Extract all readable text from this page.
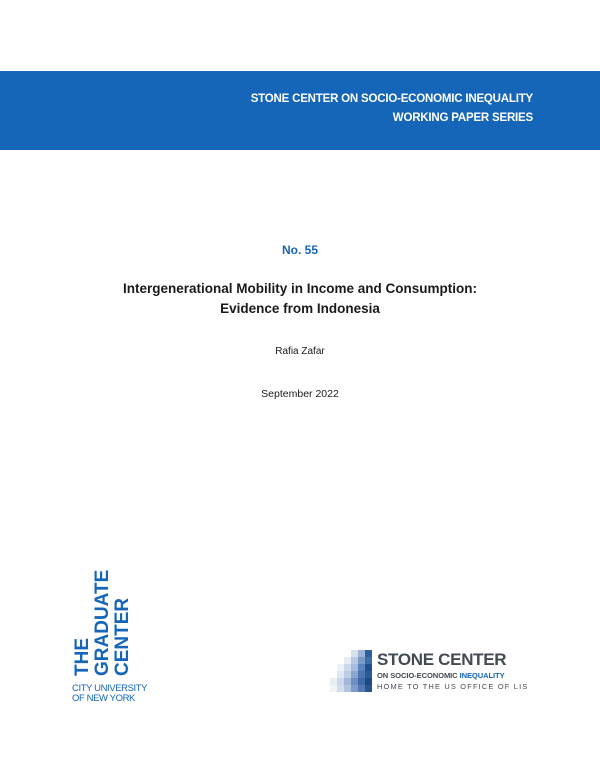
STONE CENTER ON SOCIO-ECONOMIC INEQUALITY
WORKING PAPER SERIES
No. 55
Intergenerational Mobility in Income and Consumption:
Evidence from Indonesia
Rafia Zafar
September 2022
THE GRADUATE CENTER
CITY UNIVERSITY
OF NEW YORK
STONE CENTER
ON SOCIO-ECONOMIC INEQUALITY
HOME TO THE US OFFICE OF LIS
